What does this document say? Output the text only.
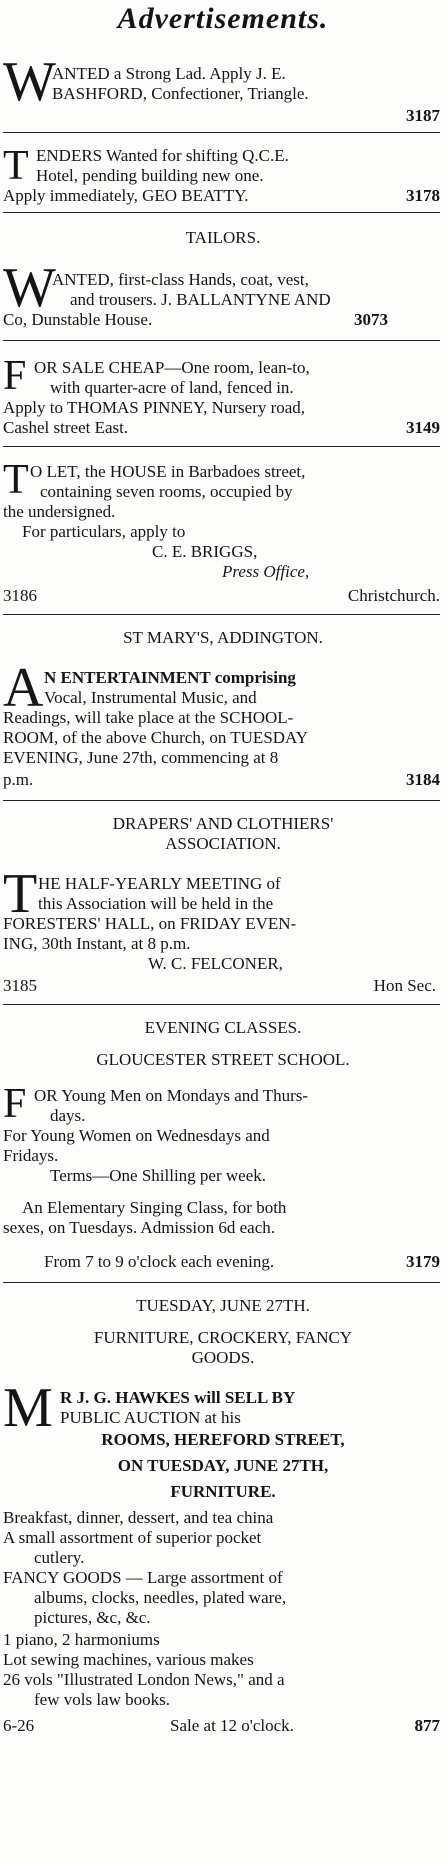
Advertisements.
W
ANTED a Strong Lad. Apply J. E.
BASHFORD, Confectioner, Triangle.
3187
T ENDERS Wanted for shifting Q.C.E.
Hotel, pending building new one.
Apply immediately, GEO BEATTY.	3178
TAILORS.
W
ANTED, first-class Hands, coat, vest,
and trousers. J. BALLANTYNE AND
Co, Dunstable House.	3073
F OR SALE CHEAP—One room, lean-to,
with quarter-acre of land, fenced in.
Apply to THOMAS PINNEY, Nursery road,
Cashel street East.	3149
T O LET, the HOUSE in Barbadoes street,
containing seven rooms, occupied by
the undersigned.
For particulars, apply to
C. E. BRIGGS,
Press Office,
3186	Christchurch.
ST MARY'S, ADDINGTON.
A N ENTERTAINMENT comprising
Vocal, Instrumental Music, and
Readings, will take place at the SCHOOL-
ROOM, of the above Church, on TUESDAY
EVENING, June 27th, commencing at 8
p.m.	3184
DRAPERS' AND CLOTHIERS'
ASSOCIATION.
T HE HALF-YEARLY MEETING of
this Association will be held in the
FORESTERS' HALL, on FRIDAY EVEN-
ING, 30th Instant, at 8 p.m.
W. C. FELCONER,
3185	Hon Sec.
EVENING CLASSES.
GLOUCESTER STREET SCHOOL.
F OR Young Men on Mondays and Thurs-
days.
For Young Women on Wednesdays and
Fridays.
Terms—One Shilling per week.
An Elementary Singing Class, for both
sexes, on Tuesdays. Admission 6d each.
From 7 to 9 o'clock each evening.	3179
TUESDAY, JUNE 27TH.
FURNITURE, CROCKERY, FANCY
GOODS.
M R J. G. HAWKES will SELL BY
PUBLIC AUCTION at his
ROOMS, HEREFORD STREET,
ON TUESDAY, JUNE 27TH,
FURNITURE.
Breakfast, dinner, dessert, and tea china
A small assortment of superior pocket
cutlery.
FANCY GOODS — Large assortment of
albums, clocks, needles, plated ware,
pictures, &c, &c.
1 piano, 2 harmoniums
Lot sewing machines, various makes
26 vols "Illustrated London News," and a
few vols law books.
6-26	Sale at 12 o'clock.	877
